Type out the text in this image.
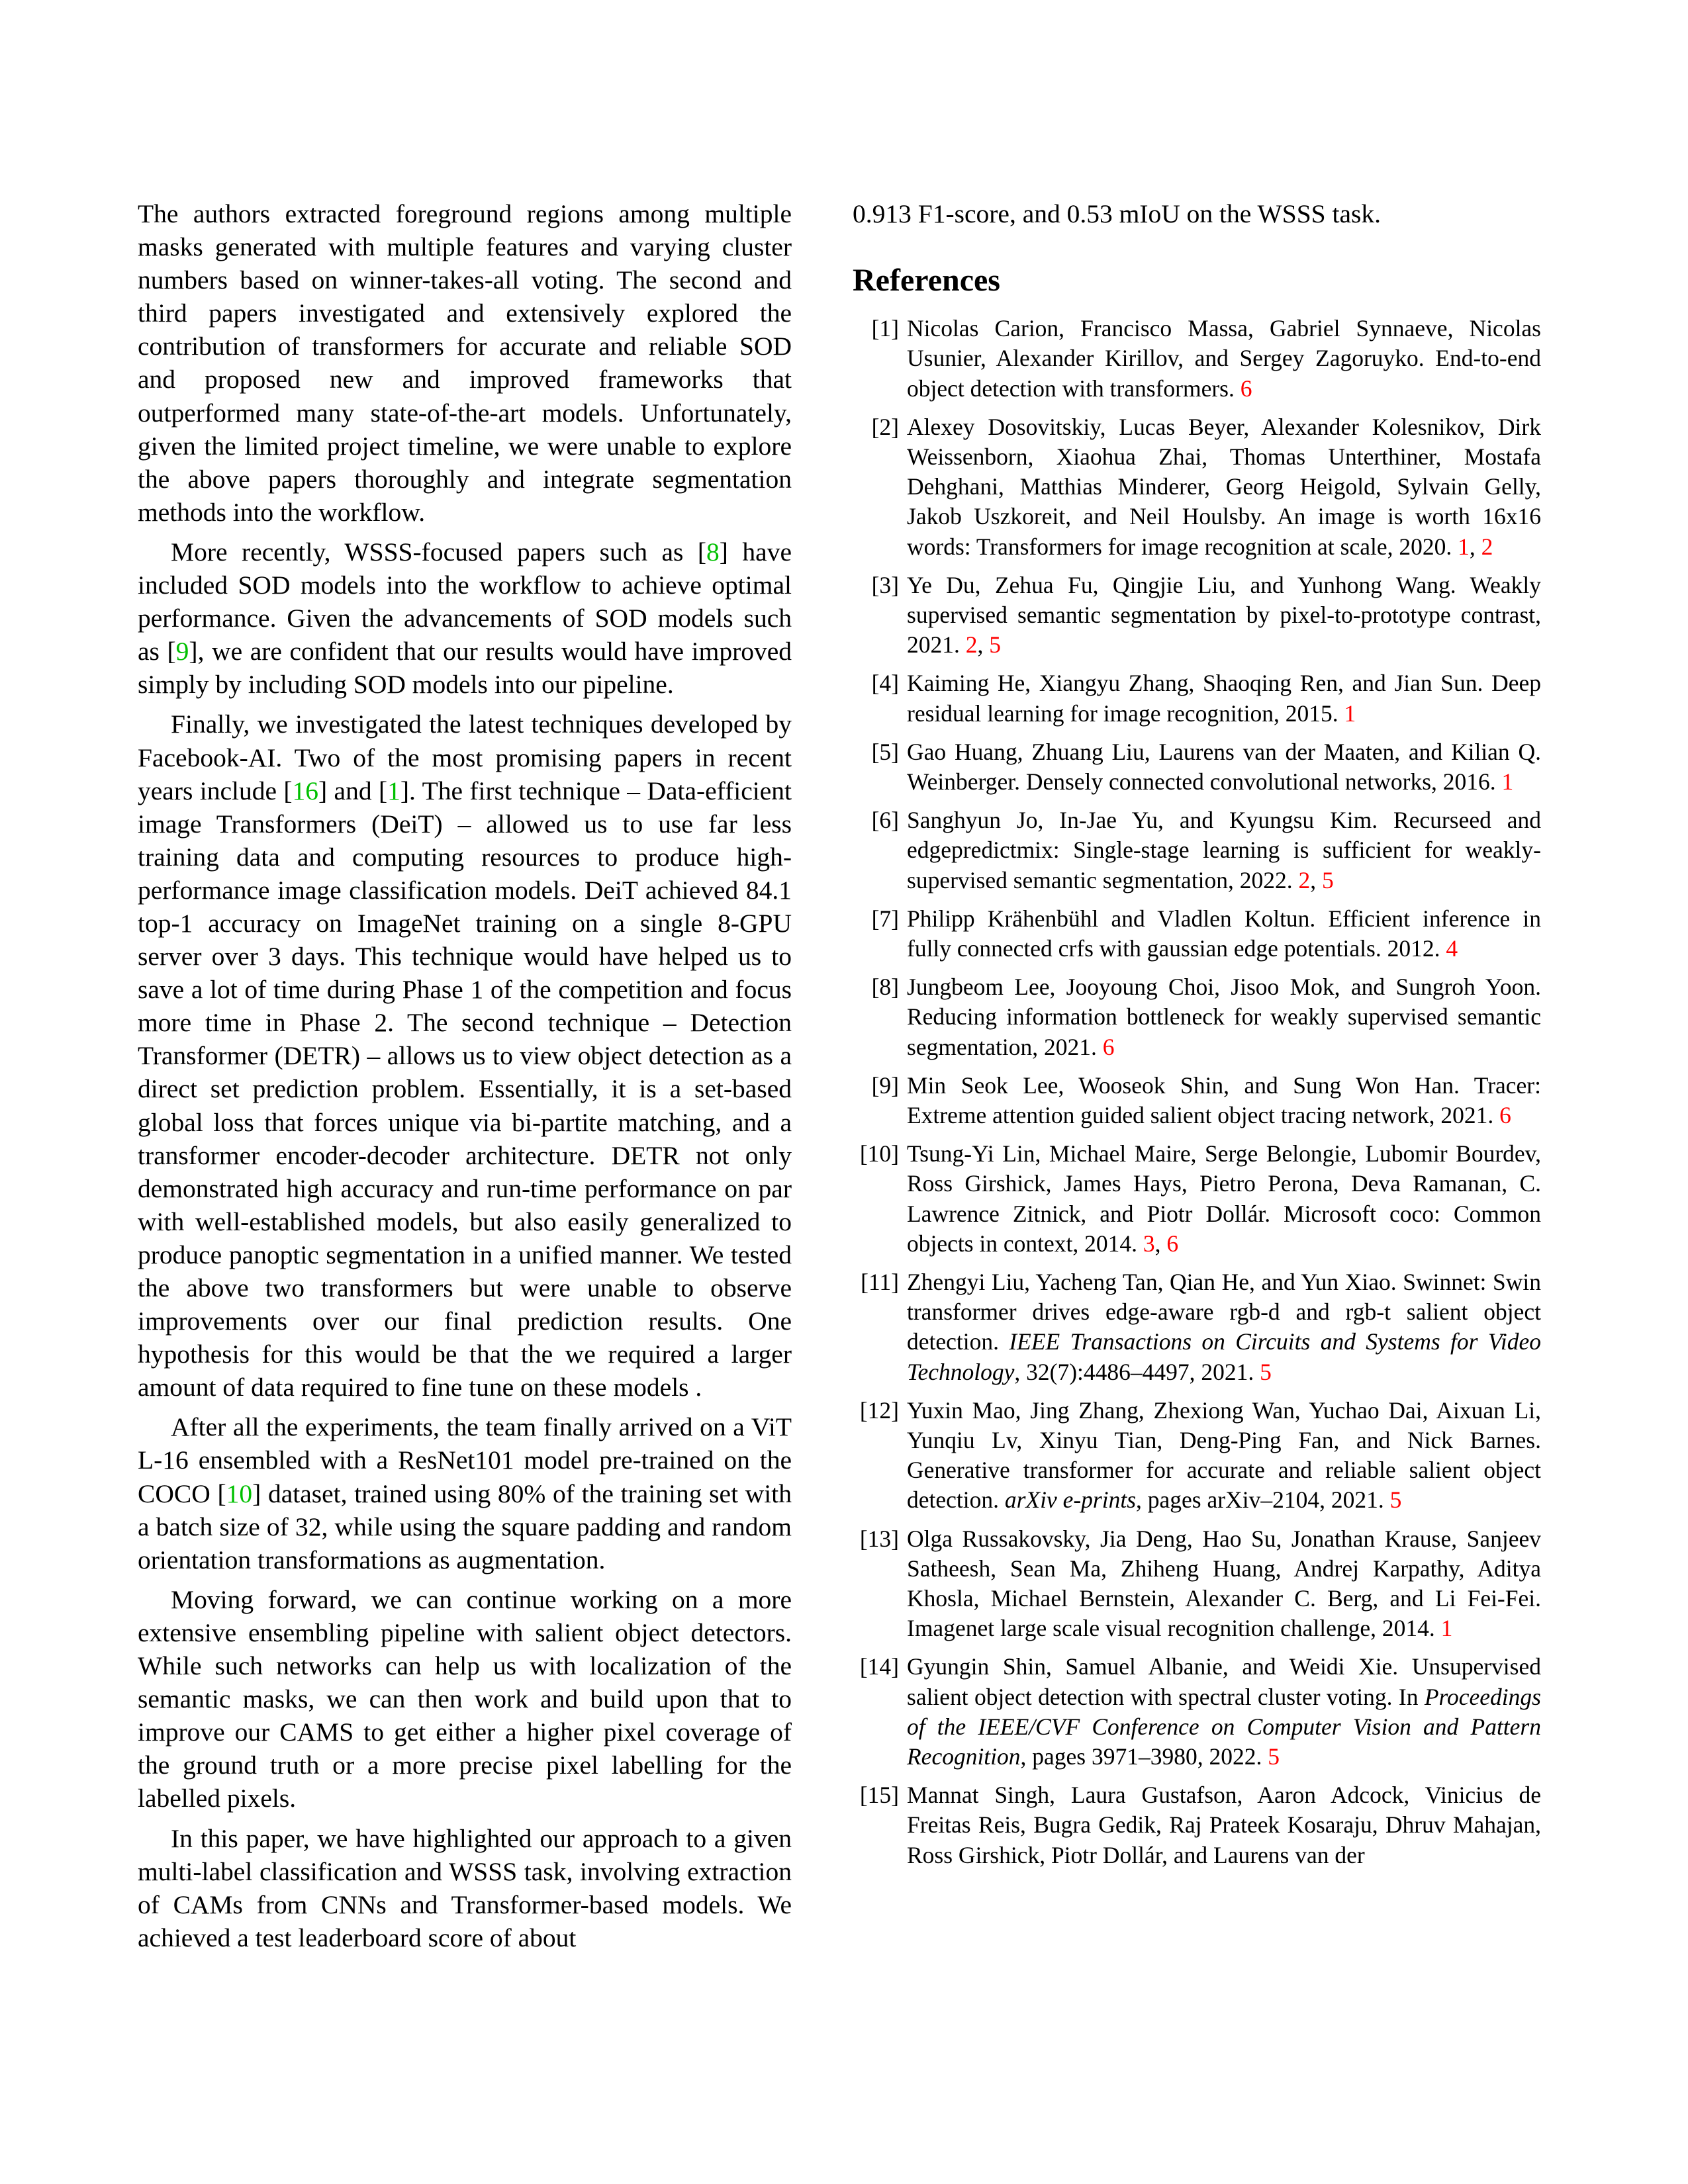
The authors extracted foreground regions among multiple masks generated with multiple features and varying cluster numbers based on winner-takes-all voting. The second and third papers investigated and extensively explored the contribution of transformers for accurate and reliable SOD and proposed new and improved frameworks that outperformed many state-of-the-art models. Unfortunately, given the limited project timeline, we were unable to explore the above papers thoroughly and integrate segmentation methods into the workflow.

More recently, WSSS-focused papers such as [8] have included SOD models into the workflow to achieve optimal performance. Given the advancements of SOD models such as [9], we are confident that our results would have improved simply by including SOD models into our pipeline.

Finally, we investigated the latest techniques developed by Facebook-AI. Two of the most promising papers in recent years include [16] and [1]. The first technique – Data-efficient image Transformers (DeiT) – allowed us to use far less training data and computing resources to produce high-performance image classification models. DeiT achieved 84.1 top-1 accuracy on ImageNet training on a single 8-GPU server over 3 days. This technique would have helped us to save a lot of time during Phase 1 of the competition and focus more time in Phase 2. The second technique – Detection Transformer (DETR) – allows us to view object detection as a direct set prediction problem. Essentially, it is a set-based global loss that forces unique via bi-partite matching, and a transformer encoder-decoder architecture. DETR not only demonstrated high accuracy and run-time performance on par with well-established models, but also easily generalized to produce panoptic segmentation in a unified manner. We tested the above two transformers but were unable to observe improvements over our final prediction results. One hypothesis for this would be that the we required a larger amount of data required to fine tune on these models .

After all the experiments, the team finally arrived on a ViT L-16 ensembled with a ResNet101 model pre-trained on the COCO [10] dataset, trained using 80% of the training set with a batch size of 32, while using the square padding and random orientation transformations as augmentation.

Moving forward, we can continue working on a more extensive ensembling pipeline with salient object detectors. While such networks can help us with localization of the semantic masks, we can then work and build upon that to improve our CAMS to get either a higher pixel coverage of the ground truth or a more precise pixel labelling for the labelled pixels.

In this paper, we have highlighted our approach to a given multi-label classification and WSSS task, involving extraction of CAMs from CNNs and Transformer-based models. We achieved a test leaderboard score of about

0.913 F1-score, and 0.53 mIoU on the WSSS task.

References
[1] Nicolas Carion, Francisco Massa, Gabriel Synnaeve, Nicolas Usunier, Alexander Kirillov, and Sergey Zagoruyko. End-to-end object detection with transformers. 6
[2] Alexey Dosovitskiy, Lucas Beyer, Alexander Kolesnikov, Dirk Weissenborn, Xiaohua Zhai, Thomas Unterthiner, Mostafa Dehghani, Matthias Minderer, Georg Heigold, Sylvain Gelly, Jakob Uszkoreit, and Neil Houlsby. An image is worth 16x16 words: Transformers for image recognition at scale, 2020. 1, 2
[3] Ye Du, Zehua Fu, Qingjie Liu, and Yunhong Wang. Weakly supervised semantic segmentation by pixel-to-prototype contrast, 2021. 2, 5
[4] Kaiming He, Xiangyu Zhang, Shaoqing Ren, and Jian Sun. Deep residual learning for image recognition, 2015. 1
[5] Gao Huang, Zhuang Liu, Laurens van der Maaten, and Kilian Q. Weinberger. Densely connected convolutional networks, 2016. 1
[6] Sanghyun Jo, In-Jae Yu, and Kyungsu Kim. Recurseed and edgepredictmix: Single-stage learning is sufficient for weakly-supervised semantic segmentation, 2022. 2, 5
[7] Philipp Krähenbühl and Vladlen Koltun. Efficient inference in fully connected crfs with gaussian edge potentials. 2012. 4
[8] Jungbeom Lee, Jooyoung Choi, Jisoo Mok, and Sungroh Yoon. Reducing information bottleneck for weakly supervised semantic segmentation, 2021. 6
[9] Min Seok Lee, Wooseok Shin, and Sung Won Han. Tracer: Extreme attention guided salient object tracing network, 2021. 6
[10] Tsung-Yi Lin, Michael Maire, Serge Belongie, Lubomir Bourdev, Ross Girshick, James Hays, Pietro Perona, Deva Ramanan, C. Lawrence Zitnick, and Piotr Dollár. Microsoft coco: Common objects in context, 2014. 3, 6
[11] Zhengyi Liu, Yacheng Tan, Qian He, and Yun Xiao. Swinnet: Swin transformer drives edge-aware rgb-d and rgb-t salient object detection. IEEE Transactions on Circuits and Systems for Video Technology, 32(7):4486–4497, 2021. 5
[12] Yuxin Mao, Jing Zhang, Zhexiong Wan, Yuchao Dai, Aixuan Li, Yunqiu Lv, Xinyu Tian, Deng-Ping Fan, and Nick Barnes. Generative transformer for accurate and reliable salient object detection. arXiv e-prints, pages arXiv–2104, 2021. 5
[13] Olga Russakovsky, Jia Deng, Hao Su, Jonathan Krause, Sanjeev Satheesh, Sean Ma, Zhiheng Huang, Andrej Karpathy, Aditya Khosla, Michael Bernstein, Alexander C. Berg, and Li Fei-Fei. Imagenet large scale visual recognition challenge, 2014. 1
[14] Gyungin Shin, Samuel Albanie, and Weidi Xie. Unsupervised salient object detection with spectral cluster voting. In Proceedings of the IEEE/CVF Conference on Computer Vision and Pattern Recognition, pages 3971–3980, 2022. 5
[15] Mannat Singh, Laura Gustafson, Aaron Adcock, Vinicius de Freitas Reis, Bugra Gedik, Raj Prateek Kosaraju, Dhruv Mahajan, Ross Girshick, Piotr Dollár, and Laurens van der
